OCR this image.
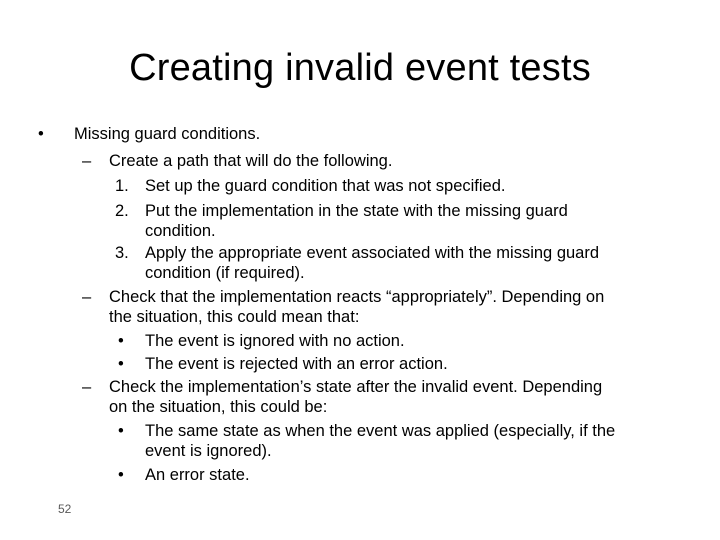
Creating invalid event tests
• Missing guard conditions.
– Create a path that will do the following.
1. Set up the guard condition that was not specified.
2. Put the implementation in the state with the missing guard
condition.
3. Apply the appropriate event associated with the missing guard
condition (if required).
– Check that the implementation reacts “appropriately”. Depending on
the situation, this could mean that:
• The event is ignored with no action.
• The event is rejected with an error action.
– Check the implementation’s state after the invalid event. Depending
on the situation, this could be:
• The same state as when the event was applied (especially, if the
event is ignored).
• An error state.
52
